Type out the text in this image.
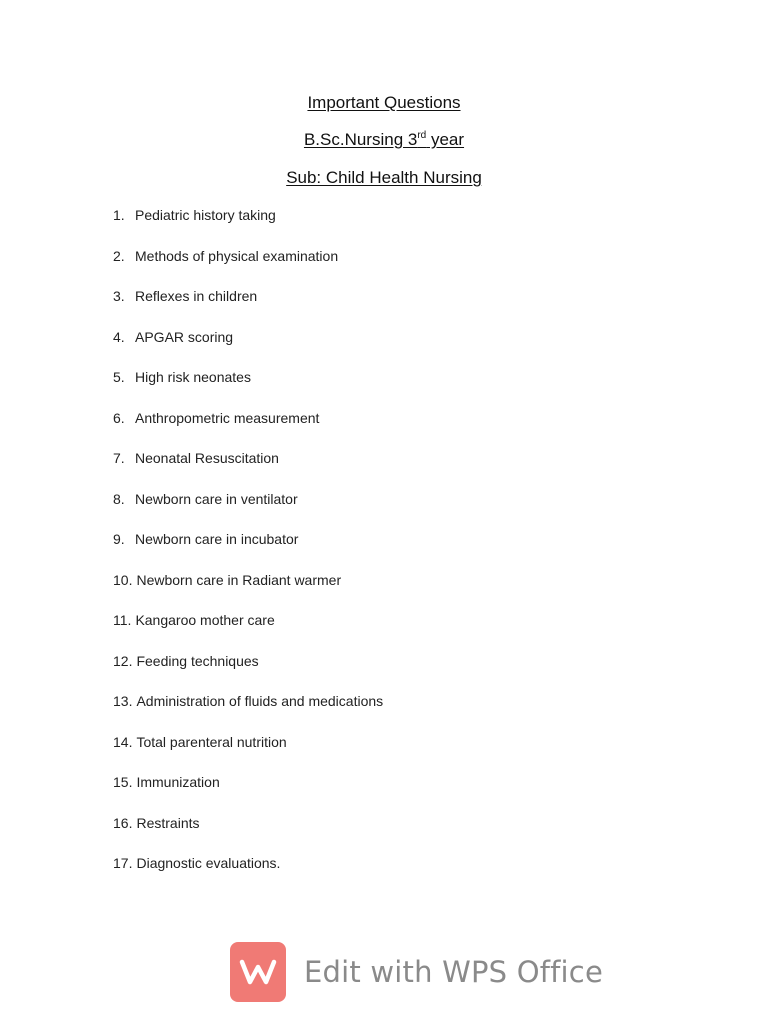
Important Questions
B.Sc.Nursing 3rd year
Sub: Child Health Nursing
1. Pediatric history taking
2. Methods of physical examination
3. Reflexes in children
4. APGAR scoring
5. High risk neonates
6. Anthropometric measurement
7. Neonatal Resuscitation
8. Newborn care in ventilator
9. Newborn care in incubator
10. Newborn care in Radiant warmer
11. Kangaroo mother care
12. Feeding techniques
13. Administration of fluids and medications
14. Total parenteral nutrition
15. Immunization
16. Restraints
17. Diagnostic evaluations.
Edit with WPS Office
